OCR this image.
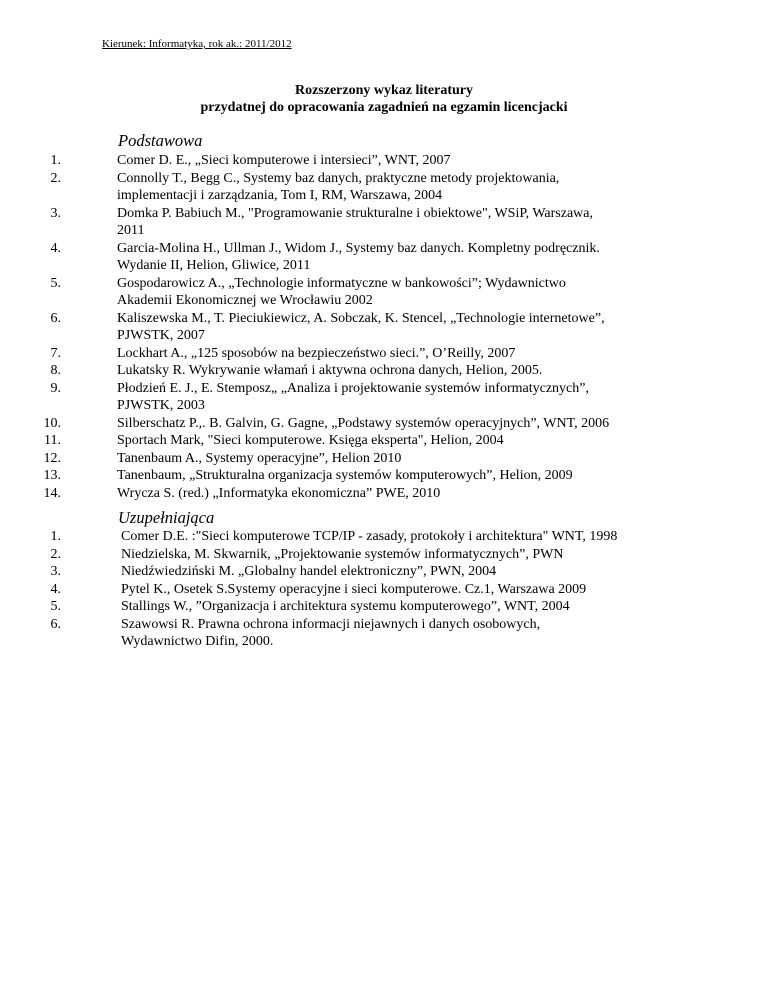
Kierunek: Informatyka, rok ak.: 2011/2012
Rozszerzony wykaz literatury
przydatnej do opracowania zagadnień na egzamin licencjacki
Podstawowa
1.	Comer D. E., „Sieci komputerowe i intersieci”, WNT, 2007
2.	Connolly T., Begg C., Systemy baz danych, praktyczne metody projektowania,
implementacji i zarządzania, Tom I, RM, Warszawa, 2004
3.	Domka P. Babiuch M., "Programowanie strukturalne i obiektowe", WSiP, Warszawa,
2011
4.	Garcia-Molina H., Ullman J., Widom J., Systemy baz danych. Kompletny podręcznik.
Wydanie II, Helion, Gliwice, 2011
5.	Gospodarowicz A., „Technologie informatyczne w bankowości”; Wydawnictwo
Akademii Ekonomicznej we Wrocławiu 2002
6.	Kaliszewska M., T. Pieciukiewicz, A. Sobczak, K. Stencel, „Technologie internetowe”,
PJWSTK, 2007
7.	Lockhart A., „125 sposobów na bezpieczeństwo sieci.”, O’Reilly, 2007
8.	Lukatsky R. Wykrywanie włamań i aktywna ochrona danych, Helion, 2005.
9.	Płodzień E. J., E. Stemposz„ „Analiza i projektowanie systemów informatycznych”,
PJWSTK, 2003
10.	Silberschatz P.,. B. Galvin, G. Gagne, „Podstawy systemów operacyjnych”, WNT, 2006
11.	Sportach Mark, "Sieci komputerowe. Księga eksperta", Helion, 2004
12.	Tanenbaum A., Systemy operacyjne”, Helion 2010
13.	Tanenbaum, „Strukturalna organizacja systemów komputerowych”, Helion, 2009
14.	Wrycza S. (red.) „Informatyka ekonomiczna” PWE, 2010
Uzupełniająca
1.	Comer D.E. :"Sieci komputerowe TCP/IP - zasady, protokoły i architektura" WNT, 1998
2.	Niedzielska, M. Skwarnik, „Projektowanie systemów informatycznych”, PWN
3.	Niedźwiedziński M. „Globalny handel elektroniczny”, PWN, 2004
4.	Pytel K., Osetek S.Systemy operacyjne i sieci komputerowe. Cz.1, Warszawa 2009
5.	Stallings W., ”Organizacja i architektura systemu komputerowego”, WNT, 2004
6.	Szawowsi R. Prawna ochrona informacji niejawnych i danych osobowych,
Wydawnictwo Difin, 2000.
